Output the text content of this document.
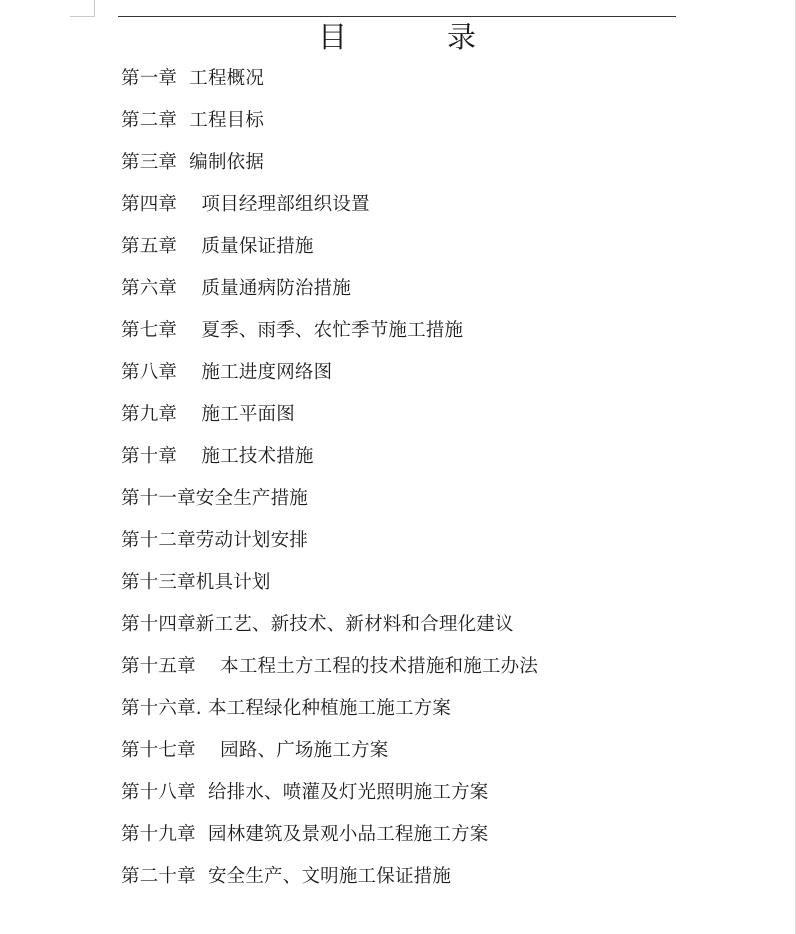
目	录
第一章  工程概况
第二章  工程目标
第三章  编制依据
第四章    项目经理部组织设置
第五章    质量保证措施
第六章    质量通病防治措施
第七章    夏季、雨季、农忙季节施工措施
第八章    施工进度网络图
第九章    施工平面图
第十章    施工技术措施
第十一章安全生产措施
第十二章劳动计划安排
第十三章机具计划
第十四章新工艺、新技术、新材料和合理化建议
第十五章    本工程土方工程的技术措施和施工办法
第十六章. 本工程绿化种植施工施工方案
第十七章    园路、广场施工方案
第十八章  给排水、喷灌及灯光照明施工方案
第十九章  园林建筑及景观小品工程施工方案
第二十章  安全生产、文明施工保证措施
